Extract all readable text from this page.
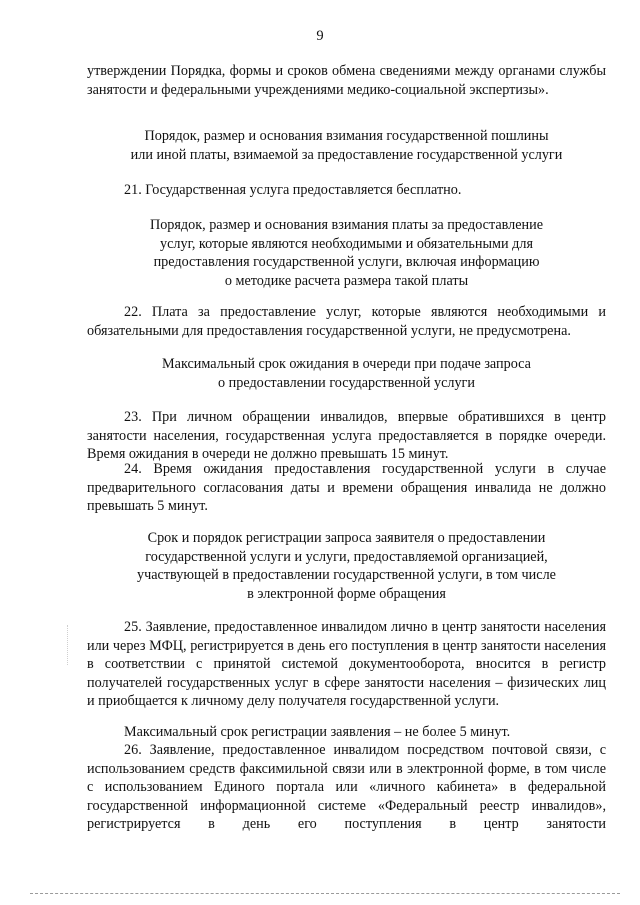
9

утверждении Порядка, формы и сроков обмена сведениями между органами службы занятости и федеральными учреждениями медико-социальной экспертизы».

Порядок, размер и основания взимания государственной пошлины
или иной платы, взимаемой за предоставление государственной услуги

21. Государственная услуга предоставляется бесплатно.

Порядок, размер и основания взимания платы за предоставление
услуг, которые являются необходимыми и обязательными для
предоставления государственной услуги, включая информацию
о методике расчета размера такой платы

22. Плата за предоставление услуг, которые являются необходимыми и обязательными для предоставления государственной услуги, не предусмотрена.

Максимальный срок ожидания в очереди при подаче запроса
о предоставлении государственной услуги

23. При личном обращении инвалидов, впервые обратившихся в центр занятости населения, государственная услуга предоставляется в порядке очереди. Время ожидания в очереди не должно превышать 15 минут.

24. Время ожидания предоставления государственной услуги в случае предварительного согласования даты и времени обращения инвалида не должно превышать 5 минут.

Срок и порядок регистрации запроса заявителя о предоставлении
государственной услуги и услуги, предоставляемой организацией,
участвующей в предоставлении государственной услуги, в том числе
в электронной форме обращения

25. Заявление, предоставленное инвалидом лично в центр занятости населения или через МФЦ, регистрируется в день его поступления в центр занятости населения в соответствии с принятой системой документооборота, вносится в регистр получателей государственных услуг в сфере занятости населения – физических лиц и приобщается к личному делу получателя государственной услуги.

Максимальный срок регистрации заявления – не более 5 минут.

26. Заявление, предоставленное инвалидом посредством почтовой связи, с использованием средств факсимильной связи или в электронной форме, в том числе с использованием Единого портала или «личного кабинета» в федеральной государственной информационной системе «Федеральный реестр инвалидов», регистрируется в день его поступления в центр занятости
